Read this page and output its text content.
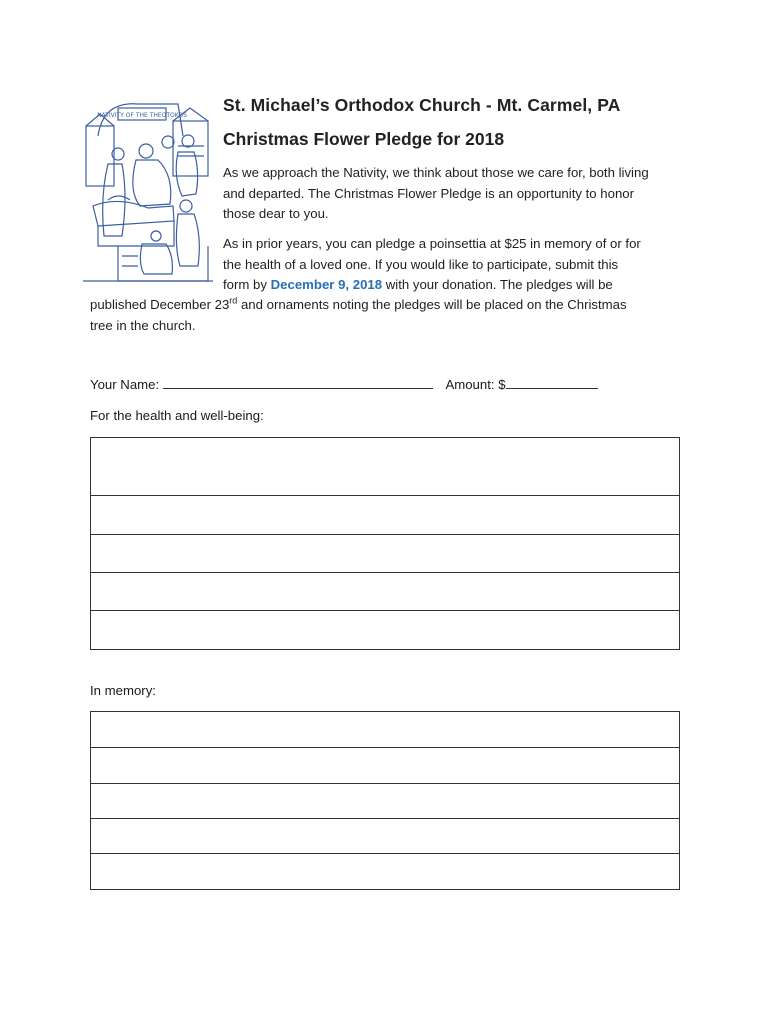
NATIVITY OF THE THEOTOKOS
St. Michael’s Orthodox Church - Mt. Carmel, PA
Christmas Flower Pledge for 2018
As we approach the Nativity, we think about those we care for, both living
and departed. The Christmas Flower Pledge is an opportunity to honor
those dear to you.
As in prior years, you can pledge a poinsettia at $25 in memory of or for
the health of a loved one. If you would like to participate, submit this
form by December 9, 2018 with your donation. The pledges will be
published December 23rd and ornaments noting the pledges will be placed on the Christmas
tree in the church.
Your Name:	Amount: $
For the health and well-being:
In memory:
